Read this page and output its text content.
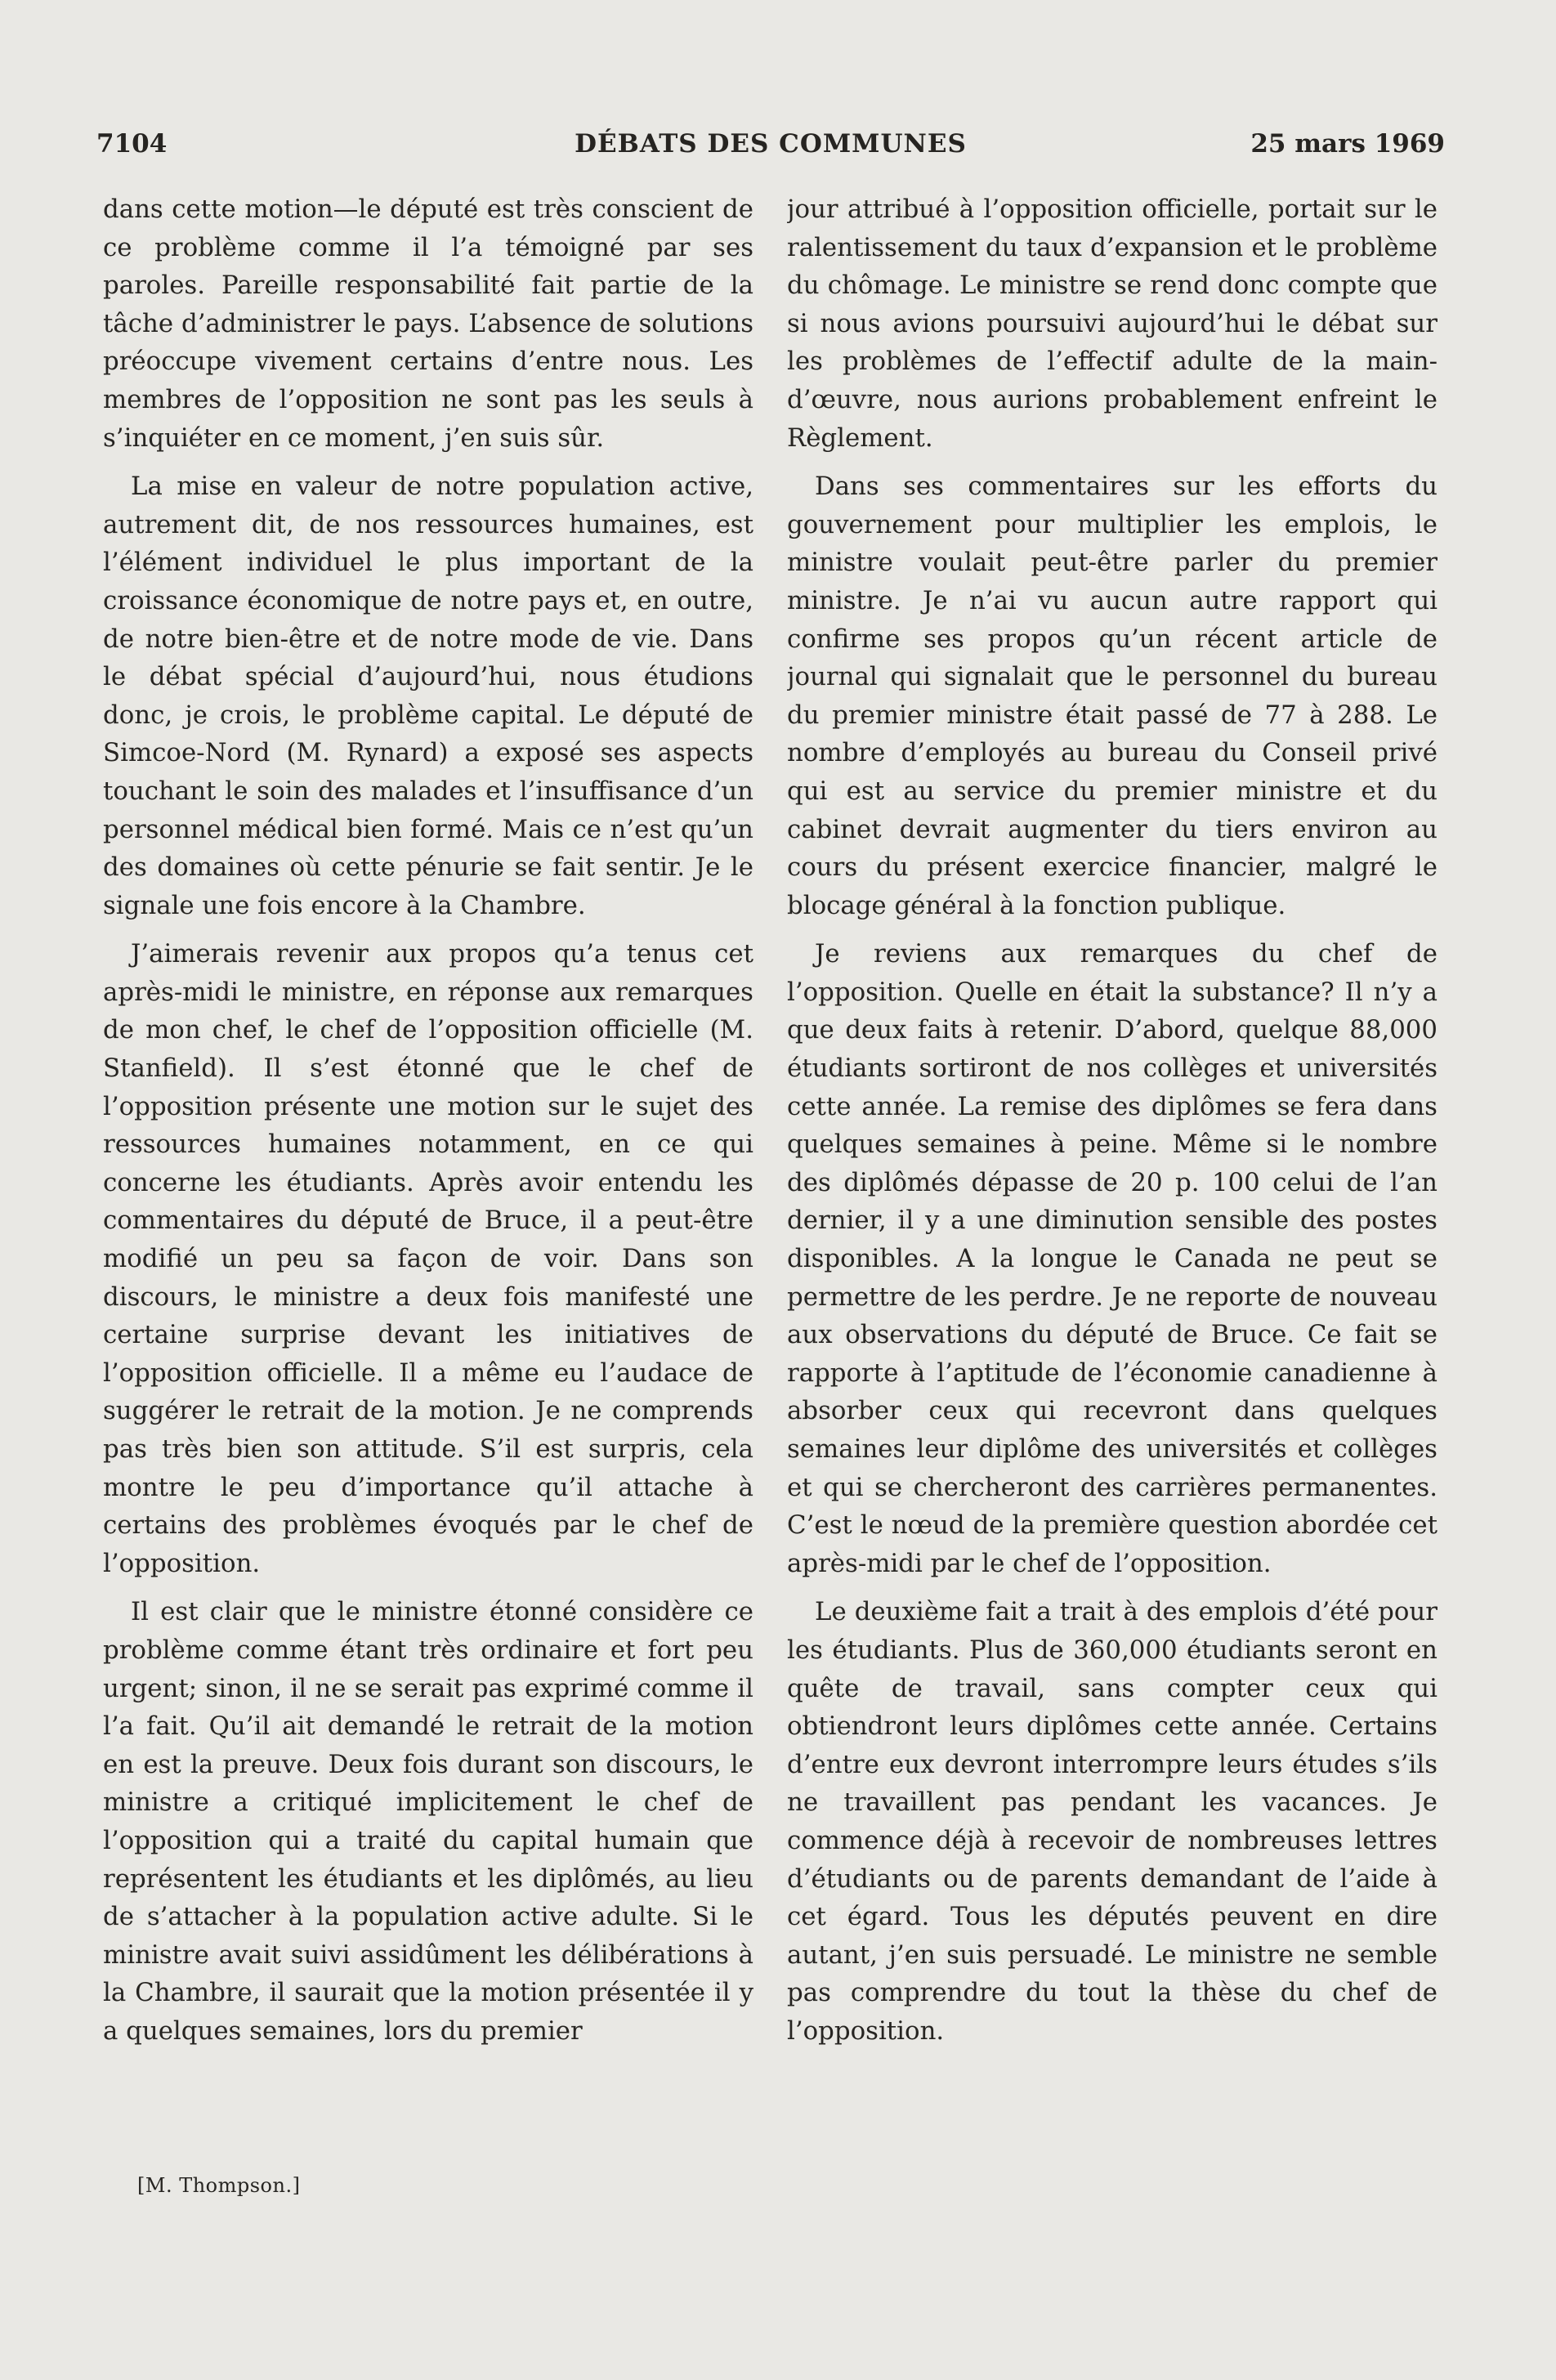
7104	DÉBATS DES COMMUNES	25 mars 1969

dans cette motion—le député est très conscient de ce problème comme il l’a témoigné par ses paroles. Pareille responsabilité fait partie de la tâche d’administrer le pays. L’absence de solutions préoccupe vivement certains d’entre nous. Les membres de l’opposition ne sont pas les seuls à s’inquiéter en ce moment, j’en suis sûr.

La mise en valeur de notre population active, autrement dit, de nos ressources humaines, est l’élément individuel le plus important de la croissance économique de notre pays et, en outre, de notre bien-être et de notre mode de vie. Dans le débat spécial d’aujourd’hui, nous étudions donc, je crois, le problème capital. Le député de Simcoe-Nord (M. Rynard) a exposé ses aspects touchant le soin des malades et l’insuffisance d’un personnel médical bien formé. Mais ce n’est qu’un des domaines où cette pénurie se fait sentir. Je le signale une fois encore à la Chambre.

J’aimerais revenir aux propos qu’a tenus cet après-midi le ministre, en réponse aux remarques de mon chef, le chef de l’opposition officielle (M. Stanfield). Il s’est étonné que le chef de l’opposition présente une motion sur le sujet des ressources humaines notamment, en ce qui concerne les étudiants. Après avoir entendu les commentaires du député de Bruce, il a peut-être modifié un peu sa façon de voir. Dans son discours, le ministre a deux fois manifesté une certaine surprise devant les initiatives de l’opposition officielle. Il a même eu l’audace de suggérer le retrait de la motion. Je ne comprends pas très bien son attitude. S’il est surpris, cela montre le peu d’importance qu’il attache à certains des problèmes évoqués par le chef de l’opposition.

Il est clair que le ministre étonné considère ce problème comme étant très ordinaire et fort peu urgent; sinon, il ne se serait pas exprimé comme il l’a fait. Qu’il ait demandé le retrait de la motion en est la preuve. Deux fois durant son discours, le ministre a critiqué implicitement le chef de l’opposition qui a traité du capital humain que représentent les étudiants et les diplômés, au lieu de s’attacher à la population active adulte. Si le ministre avait suivi assidûment les délibérations à la Chambre, il saurait que la motion présentée il y a quelques semaines, lors du premier

jour attribué à l’opposition officielle, portait sur le ralentissement du taux d’expansion et le problème du chômage. Le ministre se rend donc compte que si nous avions poursuivi aujourd’hui le débat sur les problèmes de l’effectif adulte de la main-d’œuvre, nous aurions probablement enfreint le Règlement.

Dans ses commentaires sur les efforts du gouvernement pour multiplier les emplois, le ministre voulait peut-être parler du premier ministre. Je n’ai vu aucun autre rapport qui confirme ses propos qu’un récent article de journal qui signalait que le personnel du bureau du premier ministre était passé de 77 à 288. Le nombre d’employés au bureau du Conseil privé qui est au service du premier ministre et du cabinet devrait augmenter du tiers environ au cours du présent exercice financier, malgré le blocage général à la fonction publique.

Je reviens aux remarques du chef de l’opposition. Quelle en était la substance? Il n’y a que deux faits à retenir. D’abord, quelque 88,000 étudiants sortiront de nos collèges et universités cette année. La remise des diplômes se fera dans quelques semaines à peine. Même si le nombre des diplômés dépasse de 20 p. 100 celui de l’an dernier, il y a une diminution sensible des postes disponibles. A la longue le Canada ne peut se permettre de les perdre. Je ne reporte de nouveau aux observations du député de Bruce. Ce fait se rapporte à l’aptitude de l’économie canadienne à absorber ceux qui recevront dans quelques semaines leur diplôme des universités et collèges et qui se chercheront des carrières permanentes. C’est le nœud de la première question abordée cet après-midi par le chef de l’opposition.

Le deuxième fait a trait à des emplois d’été pour les étudiants. Plus de 360,000 étudiants seront en quête de travail, sans compter ceux qui obtiendront leurs diplômes cette année. Certains d’entre eux devront interrompre leurs études s’ils ne travaillent pas pendant les vacances. Je commence déjà à recevoir de nombreuses lettres d’étudiants ou de parents demandant de l’aide à cet égard. Tous les députés peuvent en dire autant, j’en suis persuadé. Le ministre ne semble pas comprendre du tout la thèse du chef de l’opposition.

[M. Thompson.]
